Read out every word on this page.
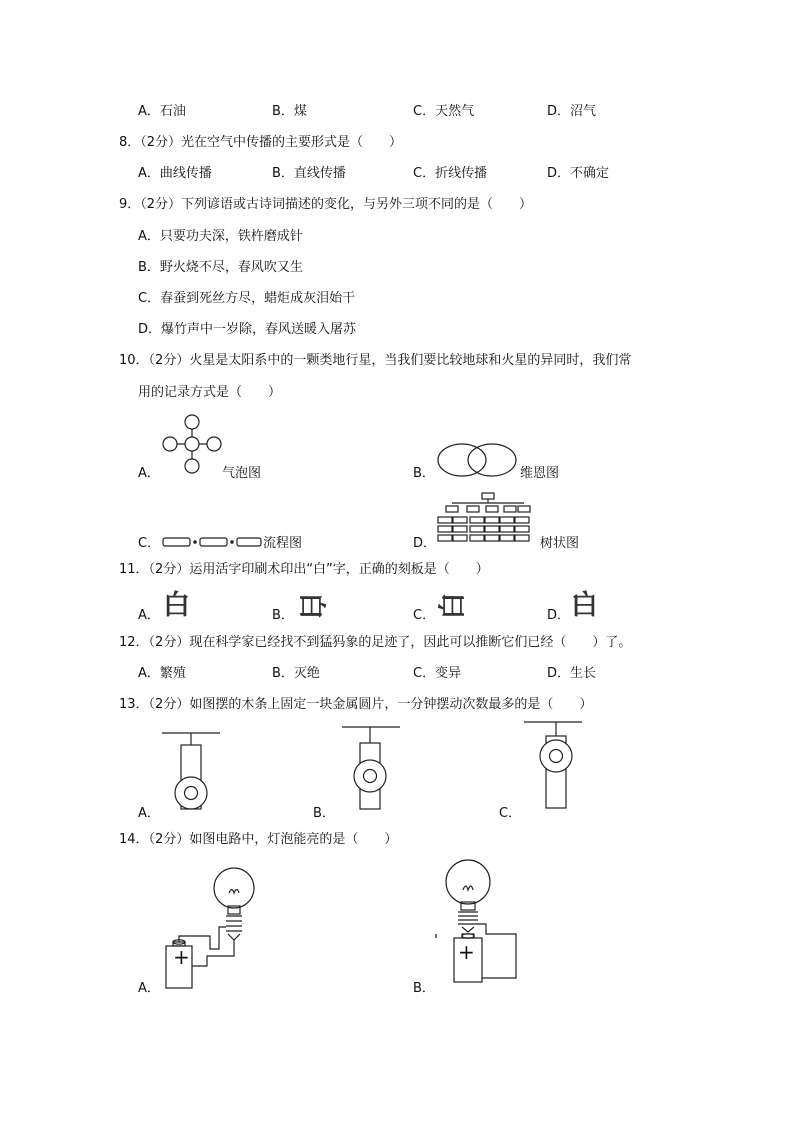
A．石油	B．煤	C．天然气	D．沼气
8．（2分）光在空气中传播的主要形式是（　　）
A．曲线传播	B．直线传播	C．折线传播	D．不确定
9．（2分）下列谚语或古诗词描述的变化，与另外三项不同的是（　　）
A．只要功夫深，铁杵磨成针
B．野火烧不尽，春风吹又生
C．春蚕到死丝方尽，蜡炬成灰泪始干
D．爆竹声中一岁除，春风送暖入屠苏
10．（2分）火星是太阳系中的一颗类地行星，当我们要比较地球和火星的异同时，我们常
用的记录方式是（　　）
A．	气泡图	B．	维恩图
C．	流程图	D．	树状图
11．（2分）运用活字印刷术印出“白”字，正确的刻板是（　　）
A． 白	B． 白	C． 白	D． 白
12．（2分）现在科学家已经找不到猛犸象的足迹了，因此可以推断它们已经（　　）了。
A．繁殖	B．灭绝	C．变异	D．生长
13．（2分）如图摆的木条上固定一块金属圆片，一分钟摆动次数最多的是（　　）
A．	B．	C．
14．（2分）如图电路中，灯泡能亮的是（　　）
A．
+
B．
+
